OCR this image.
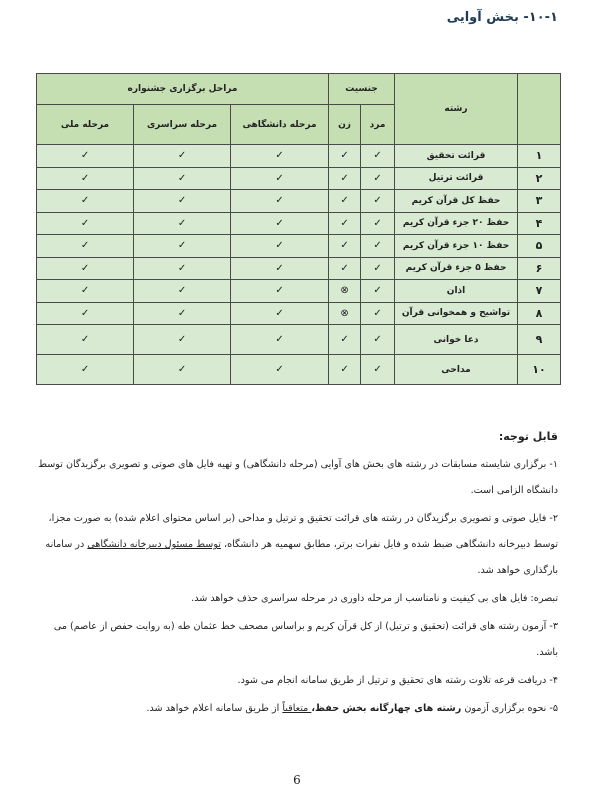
۱۰-۱- بخش آوایی
	رشته	جنسیت		مراحل برگزاری جشنواره		
		مرد	زن	مرحله دانشگاهی	مرحله سراسری	مرحله ملی
۱	قرائت تحقیق	✓	✓	✓	✓	✓
۲	قرائت ترتیل	✓	✓	✓	✓	✓
۳	حفظ کل قرآن کریم	✓	✓	✓	✓	✓
۴	حفظ ۲۰ جزء قرآن کریم	✓	✓	✓	✓	✓
۵	حفظ ۱۰ جزء قرآن کریم	✓	✓	✓	✓	✓
۶	حفظ ۵ جزء قرآن کریم	✓	✓	✓	✓	✓
۷	اذان	✓	⊗	✓	✓	✓
۸	تواشیح و همخوانی قرآن	✓	⊗	✓	✓	✓
۹	دعا خوانی	✓	✓	✓	✓	✓
۱۰	مداحی	✓	✓	✓	✓	✓
قابل توجه:

۱- برگزاری شایسته مسابقات در رشته های بخش های آوایی (مرحله دانشگاهی) و تهیه فایل های صوتی و تصویری برگزیدگان توسط دانشگاه الزامی است.

۲- فایل صوتی و تصویری برگزیدگان در رشته های قرائت تحقیق و ترتیل و مداحی (بر اساس محتوای اعلام شده) به صورت مجزا، توسط دبیرخانه دانشگاهی ضبط شده و فایل نفرات برتر، مطابق سهمیه هر دانشگاه، توسط مسئول دبیرخانه دانشگاهی در سامانه بارگذاری خواهد شد.

تبصره: فایل های بی کیفیت و نامناسب از مرحله داوری در مرحله سراسری حذف خواهد شد.

۳- آزمون رشته های قرائت (تحقیق و ترتیل) از کل قرآن کریم و براساس مصحف خط عثمان طه (به روایت حفص از عاصم) می باشد.

۴- دریافت قرعه تلاوت رشته های تحقیق و ترتیل از طریق سامانه انجام می شود.

۵- نحوه برگزاری آزمون رشته های چهارگانه بخش حفظ، متعاقباً از طریق سامانه اعلام خواهد شد.

6
